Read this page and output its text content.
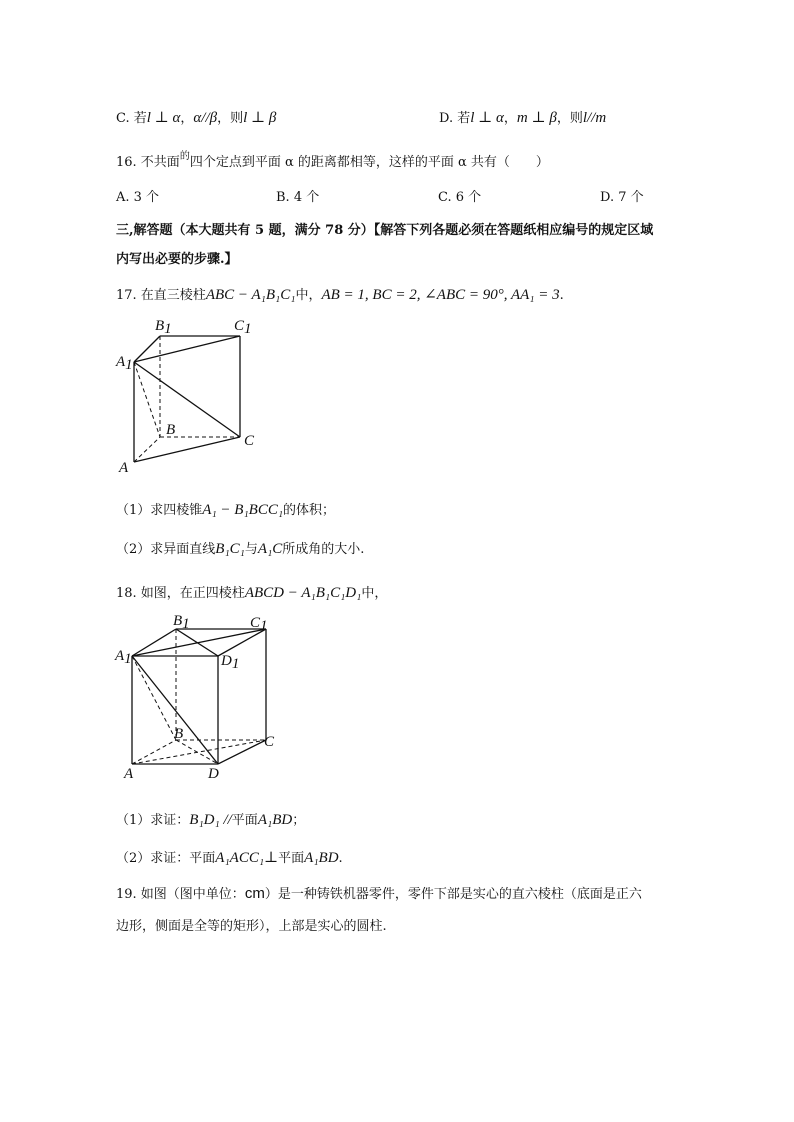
C. 若l ⊥ α，α//β，则l ⊥ β	D. 若l ⊥ α，m ⊥ β，则l//m
16. 不共面$^的$四个定点到平面 α 的距离都相等，这样的平面 α 共有（　　）
A. 3 个	B. 4 个	C. 6 个	D. 7 个
三,解答题（本大题共有 5 题，满分 78 分）【解答下列各题必须在答题纸相应编号的规定区域
内写出必要的步骤.】
17. 在直三棱柱ABC − A₁B₁C₁中，AB = 1, BC = 2, ∠ABC = 90°, AA₁ = 3.
B1	C1
A1
B
C
A
（1）求四棱锥A₁ − B₁BCC₁的体积；
（2）求异面直线B₁C₁与A₁C所成角的大小.
18. 如图，在正四棱柱ABCD − A₁B₁C₁D₁中，
B1	C1
A1	D1
B	C
A	D
（1）求证：B₁D₁ //平面A₁BD；
（2）求证：平面A₁ACC₁⊥平面A₁BD.
19. 如图（图中单位：cm）是一种铸铁机器零件，零件下部是实心的直六棱柱（底面是正六
边形，侧面是全等的矩形），上部是实心的圆柱.
